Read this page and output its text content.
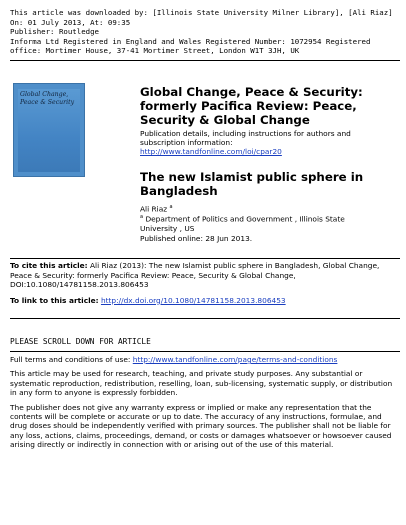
This article was downloaded by: [Illinois State University Milner Library], [Ali Riaz]
On: 01 July 2013, At: 09:35
Publisher: Routledge
Informa Ltd Registered in England and Wales Registered Number: 1072954 Registered
office: Mortimer House, 37-41 Mortimer Street, London W1T 3JH, UK
Global Change,
Peace & Security
Global Change, Peace & Security: formerly Pacifica Review: Peace, Security & Global Change
Publication details, including instructions for authors and subscription information:
http://www.tandfonline.com/loi/cpar20
The new Islamist public sphere in Bangladesh
Ali Riaz $^a$
$^a$ Department of Politics and Government , Illinois State University , US
Published online: 28 Jun 2013.

To cite this article: Ali Riaz (2013): The new Islamist public sphere in Bangladesh, Global Change, Peace & Security: formerly Pacifica Review: Peace, Security & Global Change, DOI:10.1080/14781158.2013.806453

To link to this article: http://dx.doi.org/10.1080/14781158.2013.806453

PLEASE SCROLL DOWN FOR ARTICLE

Full terms and conditions of use: http://www.tandfonline.com/page/terms-and-conditions

This article may be used for research, teaching, and private study purposes. Any substantial or systematic reproduction, redistribution, reselling, loan, sub-licensing, systematic supply, or distribution in any form to anyone is expressly forbidden.

The publisher does not give any warranty express or implied or make any representation that the contents will be complete or accurate or up to date. The accuracy of any instructions, formulae, and drug doses should be independently verified with primary sources. The publisher shall not be liable for any loss, actions, claims, proceedings, demand, or costs or damages whatsoever or howsoever caused arising directly or indirectly in connection with or arising out of the use of this material.
